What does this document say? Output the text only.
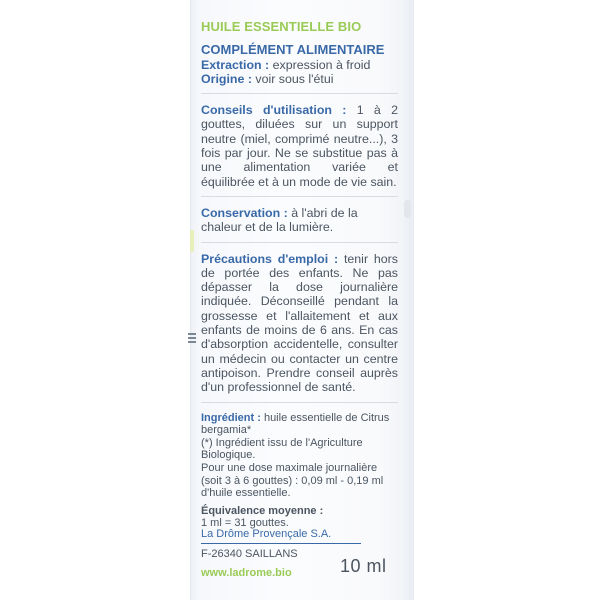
HUILE ESSENTIELLE BIO

COMPLÉMENT ALIMENTAIRE

Extraction : expression à froid

Origine : voir sous l'étui

Conseils d'utilisation : 1 à 2 gouttes, diluées sur un support neutre (miel, comprimé neutre...), 3 fois par jour. Ne se substitue pas à une alimentation variée et équilibrée et à un mode de vie sain.

Conservation : à l'abri de la chaleur et de la lumière.

Précautions d'emploi : tenir hors de portée des enfants. Ne pas dépasser la dose journalière indiquée. Déconseillé pendant la grossesse et l'allaitement et aux enfants de moins de 6 ans. En cas d'absorption accidentelle, consulter un médecin ou contacter un centre antipoison. Prendre conseil auprès d'un professionnel de santé.

Ingrédient : huile essentielle de Citrus bergamia*

(*) Ingrédient issu de l'Agriculture Biologique.

Pour une dose maximale journalière (soit 3 à 6 gouttes) : 0,09 ml - 0,19 ml d'huile essentielle.

Équivalence moyenne :
1 ml = 31 gouttes.
La Drôme Provençale S.A.
F-26340 SAILLANS
www.ladrome.bio	10 ml
